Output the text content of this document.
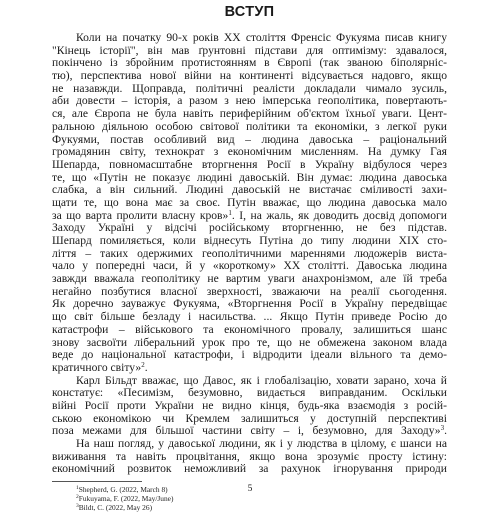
ВСТУП
Коли на початку 90-х років XX століття Френсіс Фукуяма писав книгу
"Кінець історії", він мав ґрунтовні підстави для оптимізму: здавалося,
покінчено із збройним протистоянням в Європі (так званою біполярніс-
тю), перспектива нової війни на континенті відсувається надовго, якщо
не назавжди. Щоправда, політичні реалісти докладали чимало зусиль,
аби довести – історія, а разом з нею імперська геополітика, повертають-
ся, але Європа не була навіть периферійним об'єктом їхньої уваги. Цент-
ральною діяльною особою світової політики та економіки, з легкої руки
Фукуями, постав особливий вид – людина давоська – раціональний
громадянин світу, технократ з економічним мисленням. На думку Гая
Шепарда, повномасштабне вторгнення Росії в Україну відбулося через
те, що «Путін не показує людині давоській. Він думає: людина давоська
слабка, а він сильний. Людині давоській не вистачає сміливості захи-
щати те, що вона має за своє. Путін вважає, що людина давоська мало
за що варта пролити власну кров»$^1$. І, на жаль, як доводить досвід допомоги
Заходу Україні у відсічі російському вторгненню, не без підстав.
Шепард помиляється, коли віднесуть Путіна до типу людини XIX сто-
ліття – таких одержимих геополітичними мареннями людожерів виста-
чало у попередні часи, й у «короткому» XX столітті. Давоська людина
завжди вважала геополітику не вартим уваги анахронізмом, але їй треба
негайно позбутися власної зверхності, зважаючи на реалії сьогодення.
Як доречно зауважує Фукуяма, «Вторгнення Росії в Україну передвіщає
що світ більше безладу і насильства. ... Якщо Путін приведе Росію до
катастрофи – військового та економічного провалу, залишиться шанс
знову засвоїти ліберальний урок про те, що не обмежена законом влада
веде до національної катастрофи, і відродити ідеали вільного та демо-
кратичного світу»$^2$.
Карл Більдт вважає, що Давос, як і глобалізацію, ховати зарано, хоча й
констатує: «Песимізм, безумовно, видається виправданим. Оскільки
війні Росії проти України не видно кінця, будь-яка взаємодія з росій-
ською економікою чи Кремлем залишиться у доступній перспективі
поза межами для більшої частини світу – і, безумовно, для Заходу»$^3$.
На наш погляд, у давоської людини, як і у людства в цілому, є шанси на
виживання та навіть процвітання, якщо вона зрозуміє просту істину:
економічний розвиток неможливий за рахунок ігнорування природи
$^1$Shepherd, G. (2022, March 8)
$^2$Fukuyama, F. (2022, May/June)
$^3$Bildt, C. (2022, May 26)
5
